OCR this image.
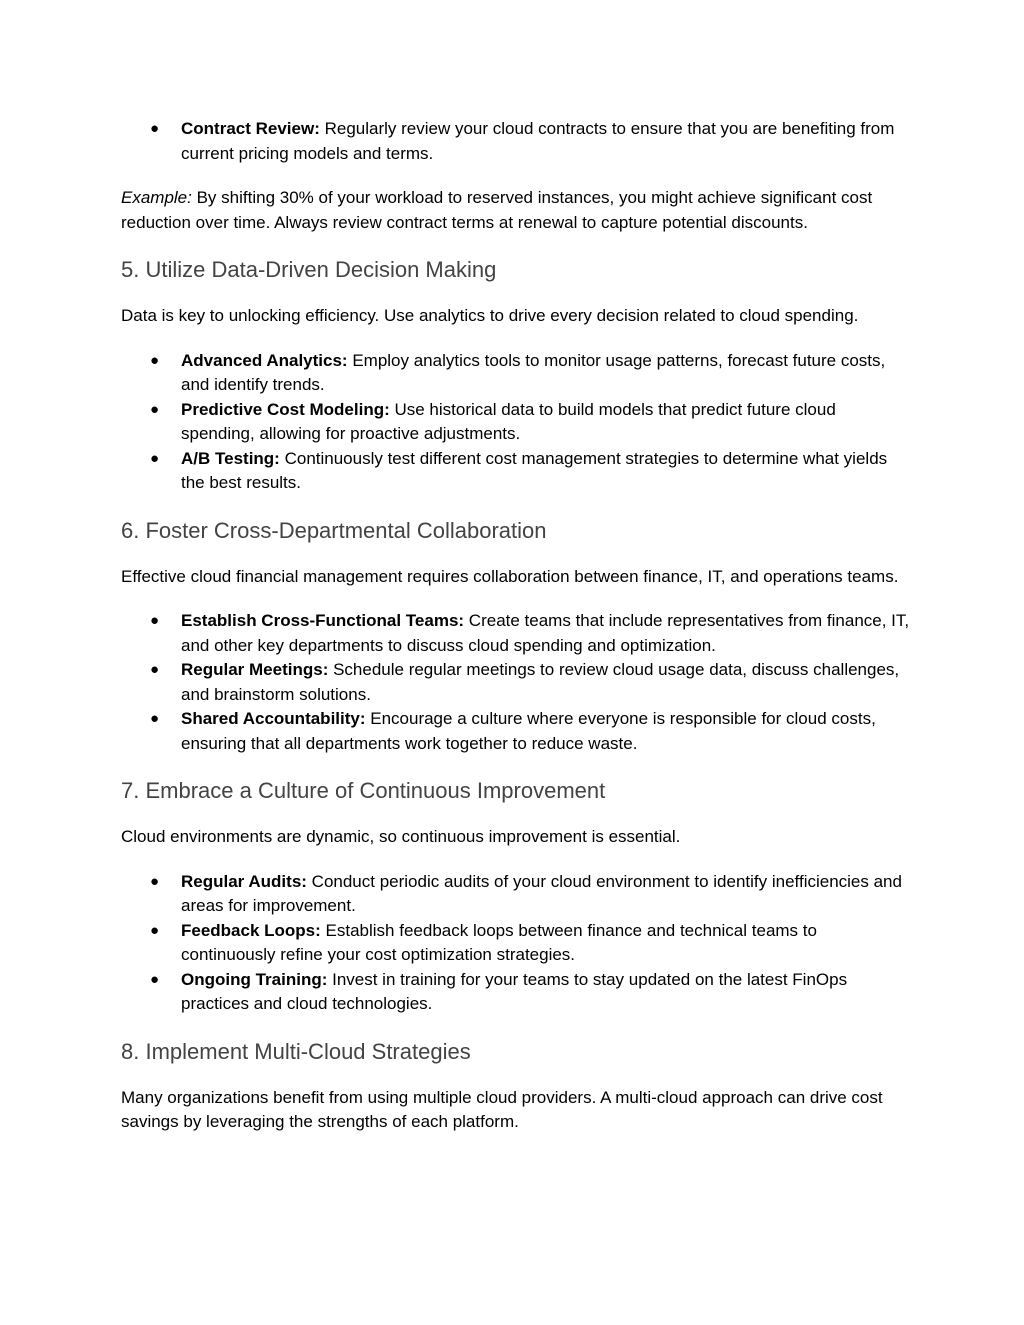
● Contract Review: Regularly review your cloud contracts to ensure that you are benefiting from current pricing models and terms.

Example: By shifting 30% of your workload to reserved instances, you might achieve significant cost reduction over time. Always review contract terms at renewal to capture potential discounts.

5. Utilize Data-Driven Decision Making

Data is key to unlocking efficiency. Use analytics to drive every decision related to cloud spending.

● Advanced Analytics: Employ analytics tools to monitor usage patterns, forecast future costs, and identify trends.
● Predictive Cost Modeling: Use historical data to build models that predict future cloud spending, allowing for proactive adjustments.
● A/B Testing: Continuously test different cost management strategies to determine what yields the best results.
6. Foster Cross-Departmental Collaboration

Effective cloud financial management requires collaboration between finance, IT, and operations teams.

● Establish Cross-Functional Teams: Create teams that include representatives from finance, IT, and other key departments to discuss cloud spending and optimization.
● Regular Meetings: Schedule regular meetings to review cloud usage data, discuss challenges, and brainstorm solutions.
● Shared Accountability: Encourage a culture where everyone is responsible for cloud costs, ensuring that all departments work together to reduce waste.
7. Embrace a Culture of Continuous Improvement

Cloud environments are dynamic, so continuous improvement is essential.

● Regular Audits: Conduct periodic audits of your cloud environment to identify inefficiencies and areas for improvement.
● Feedback Loops: Establish feedback loops between finance and technical teams to continuously refine your cost optimization strategies.
● Ongoing Training: Invest in training for your teams to stay updated on the latest FinOps practices and cloud technologies.
8. Implement Multi-Cloud Strategies

Many organizations benefit from using multiple cloud providers. A multi-cloud approach can drive cost savings by leveraging the strengths of each platform.
